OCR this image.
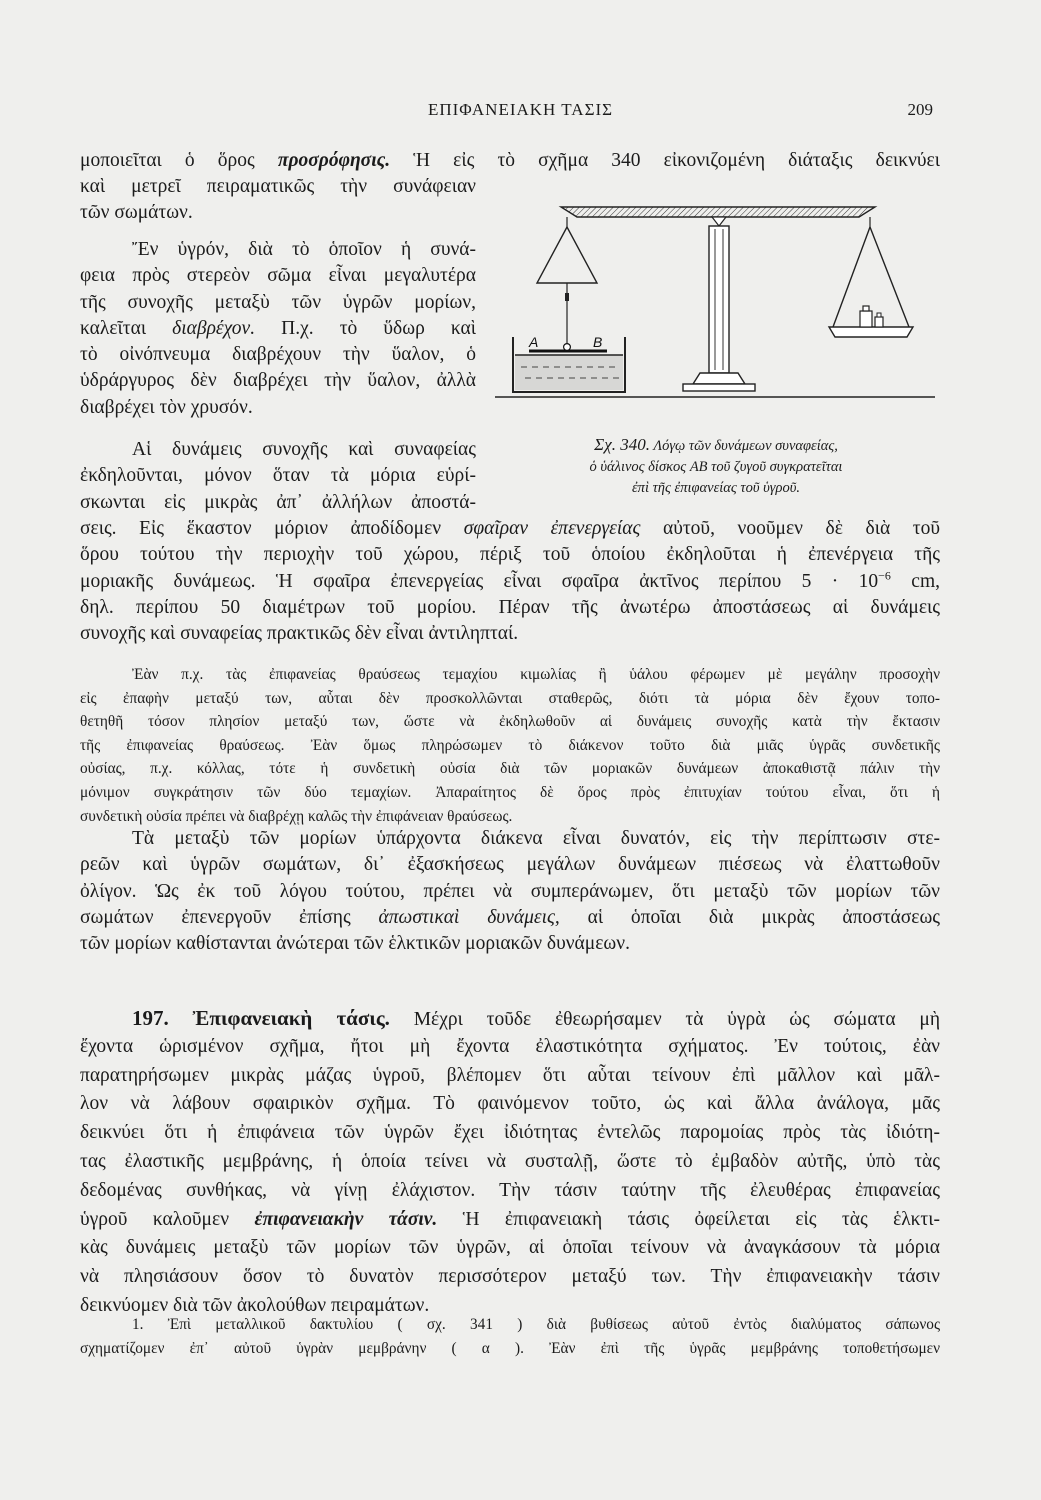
ΕΠΙΦΑΝΕΙΑΚΗ ΤΑΣΙΣ	209
μοποιεῖται ὁ ὅρος προσρόφησις. Ἡ εἰς τὸ σχῆμα 340 εἰκονιζομένη διάταξις δεικνύει
καὶ μετρεῖ πειραματικῶς τὴν συνάφειαν
τῶν σωμάτων.
Ἔν ὑγρόν, διὰ τὸ ὁποῖον ἡ συνά-
φεια πρὸς στερεὸν σῶμα εἶναι μεγαλυτέρα
τῆς συνοχῆς μεταξὺ τῶν ὑγρῶν μορίων,
καλεῖται διαβρέχον. Π.χ. τὸ ὕδωρ καὶ
τὸ οἰνόπνευμα διαβρέχουν τὴν ὕαλον, ὁ
ὑδράργυρος δὲν διαβρέχει τὴν ὕαλον, ἀλλὰ
διαβρέχει τὸν χρυσόν.
Αἱ δυνάμεις συνοχῆς καὶ συναφείας
ἐκδηλοῦνται, μόνον ὅταν τὰ μόρια εὑρί-
σκωνται εἰς μικρὰς ἀπ᾽ ἀλλήλων ἀποστά-
σεις. Εἰς ἕκαστον μόριον ἀποδίδομεν σφαῖραν ἐπενεργείας αὐτοῦ, νοοῦμεν δὲ διὰ τοῦ
ὅρου τούτου τὴν περιοχὴν τοῦ χώρου, πέριξ τοῦ ὁποίου ἐκδηλοῦται ἡ ἐπενέργεια τῆς
μοριακῆς δυνάμεως. Ἡ σφαῖρα ἐπενεργείας εἶναι σφαῖρα ἀκτῖνος περίπου $5 \cdot 10^{-6}$ cm,
δηλ. περίπου 50 διαμέτρων τοῦ μορίου. Πέραν τῆς ἀνωτέρω ἀποστάσεως αἱ δυνάμεις
συνοχῆς καὶ συναφείας πρακτικῶς δὲν εἶναι ἀντιληπταί.
Ἐὰν π.χ. τὰς ἐπιφανείας θραύσεως τεμαχίου κιμωλίας ἢ ὑάλου φέρωμεν μὲ μεγάλην προσοχὴν
εἰς ἐπαφὴν μεταξύ των, αὗται δὲν προσκολλῶνται σταθερῶς, διότι τὰ μόρια δὲν ἔχουν τοπο-
θετηθῆ τόσον πλησίον μεταξύ των, ὥστε νὰ ἐκδηλωθοῦν αἱ δυνάμεις συνοχῆς κατὰ τὴν ἔκτασιν
τῆς ἐπιφανείας θραύσεως. Ἐὰν ὅμως πληρώσωμεν τὸ διάκενον τοῦτο διὰ μιᾶς ὑγρᾶς συνδετικῆς
οὐσίας, π.χ. κόλλας, τότε ἡ συνδετικὴ οὐσία διὰ τῶν μοριακῶν δυνάμεων ἀποκαθιστᾷ πάλιν τὴν
μόνιμον συγκράτησιν τῶν δύο τεμαχίων. Ἀπαραίτητος δὲ ὅρος πρὸς ἐπιτυχίαν τούτου εἶναι, ὅτι ἡ
συνδετικὴ οὐσία πρέπει νὰ διαβρέχῃ καλῶς τὴν ἐπιφάνειαν θραύσεως.
Τὰ μεταξὺ τῶν μορίων ὑπάρχοντα διάκενα εἶναι δυνατόν, εἰς τὴν περίπτωσιν στε-
ρεῶν καὶ ὑγρῶν σωμάτων, δι᾽ ἐξασκήσεως μεγάλων δυνάμεων πιέσεως νὰ ἐλαττωθοῦν
ὀλίγον. Ὡς ἐκ τοῦ λόγου τούτου, πρέπει νὰ συμπεράνωμεν, ὅτι μεταξὺ τῶν μορίων τῶν
σωμάτων ἐπενεργοῦν ἐπίσης ἀπωστικαὶ δυνάμεις, αἱ ὁποῖαι διὰ μικρὰς ἀποστάσεως
τῶν μορίων καθίστανται ἀνώτεραι τῶν ἑλκτικῶν μοριακῶν δυνάμεων.
197. Ἐπιφανειακὴ τάσις. Μέχρι τοῦδε ἐθεωρήσαμεν τὰ ὑγρὰ ὡς σώματα μὴ
ἔχοντα ὡρισμένον σχῆμα, ἤτοι μὴ ἔχοντα ἐλαστικότητα σχήματος. Ἐν τούτοις, ἐὰν
παρατηρήσωμεν μικρὰς μάζας ὑγροῦ, βλέπομεν ὅτι αὗται τείνουν ἐπὶ μᾶλλον καὶ μᾶλ-
λον νὰ λάβουν σφαιρικὸν σχῆμα. Τὸ φαινόμενον τοῦτο, ὡς καὶ ἄλλα ἀνάλογα, μᾶς
δεικνύει ὅτι ἡ ἐπιφάνεια τῶν ὑγρῶν ἔχει ἰδιότητας ἐντελῶς παρομοίας πρὸς τὰς ἰδιότη-
τας ἐλαστικῆς μεμβράνης, ἡ ὁποία τείνει νὰ συσταλῇ, ὥστε τὸ ἐμβαδὸν αὐτῆς, ὑπὸ τὰς
δεδομένας συνθήκας, νὰ γίνῃ ἐλάχιστον. Τὴν τάσιν ταύτην τῆς ἐλευθέρας ἐπιφανείας
ὑγροῦ καλοῦμεν ἐπιφανειακὴν τάσιν. Ἡ ἐπιφανειακὴ τάσις ὀφείλεται εἰς τὰς ἑλκτι-
κὰς δυνάμεις μεταξὺ τῶν μορίων τῶν ὑγρῶν, αἱ ὁποῖαι τείνουν νὰ ἀναγκάσουν τὰ μόρια
νὰ πλησιάσουν ὅσον τὸ δυνατὸν περισσότερον μεταξύ των. Τὴν ἐπιφανειακὴν τάσιν
δεικνύομεν διὰ τῶν ἀκολούθων πειραμάτων.
1. Ἐπὶ μεταλλικοῦ δακτυλίου ( σχ. 341 ) διὰ βυθίσεως αὐτοῦ ἐντὸς διαλύματος σάπωνος
σχηματίζομεν ἐπ᾽ αὐτοῦ ὑγρὰν μεμβράνην ( α ). Ἐὰν ἐπὶ τῆς ὑγρᾶς μεμβράνης τοποθετήσωμεν
A	B
Σχ. 340. Λόγῳ τῶν δυνάμεων συναφείας,
ὁ ὑάλινος δίσκος AB τοῦ ζυγοῦ συγκρατεῖται
ἐπὶ τῆς ἐπιφανείας τοῦ ὑγροῦ.
